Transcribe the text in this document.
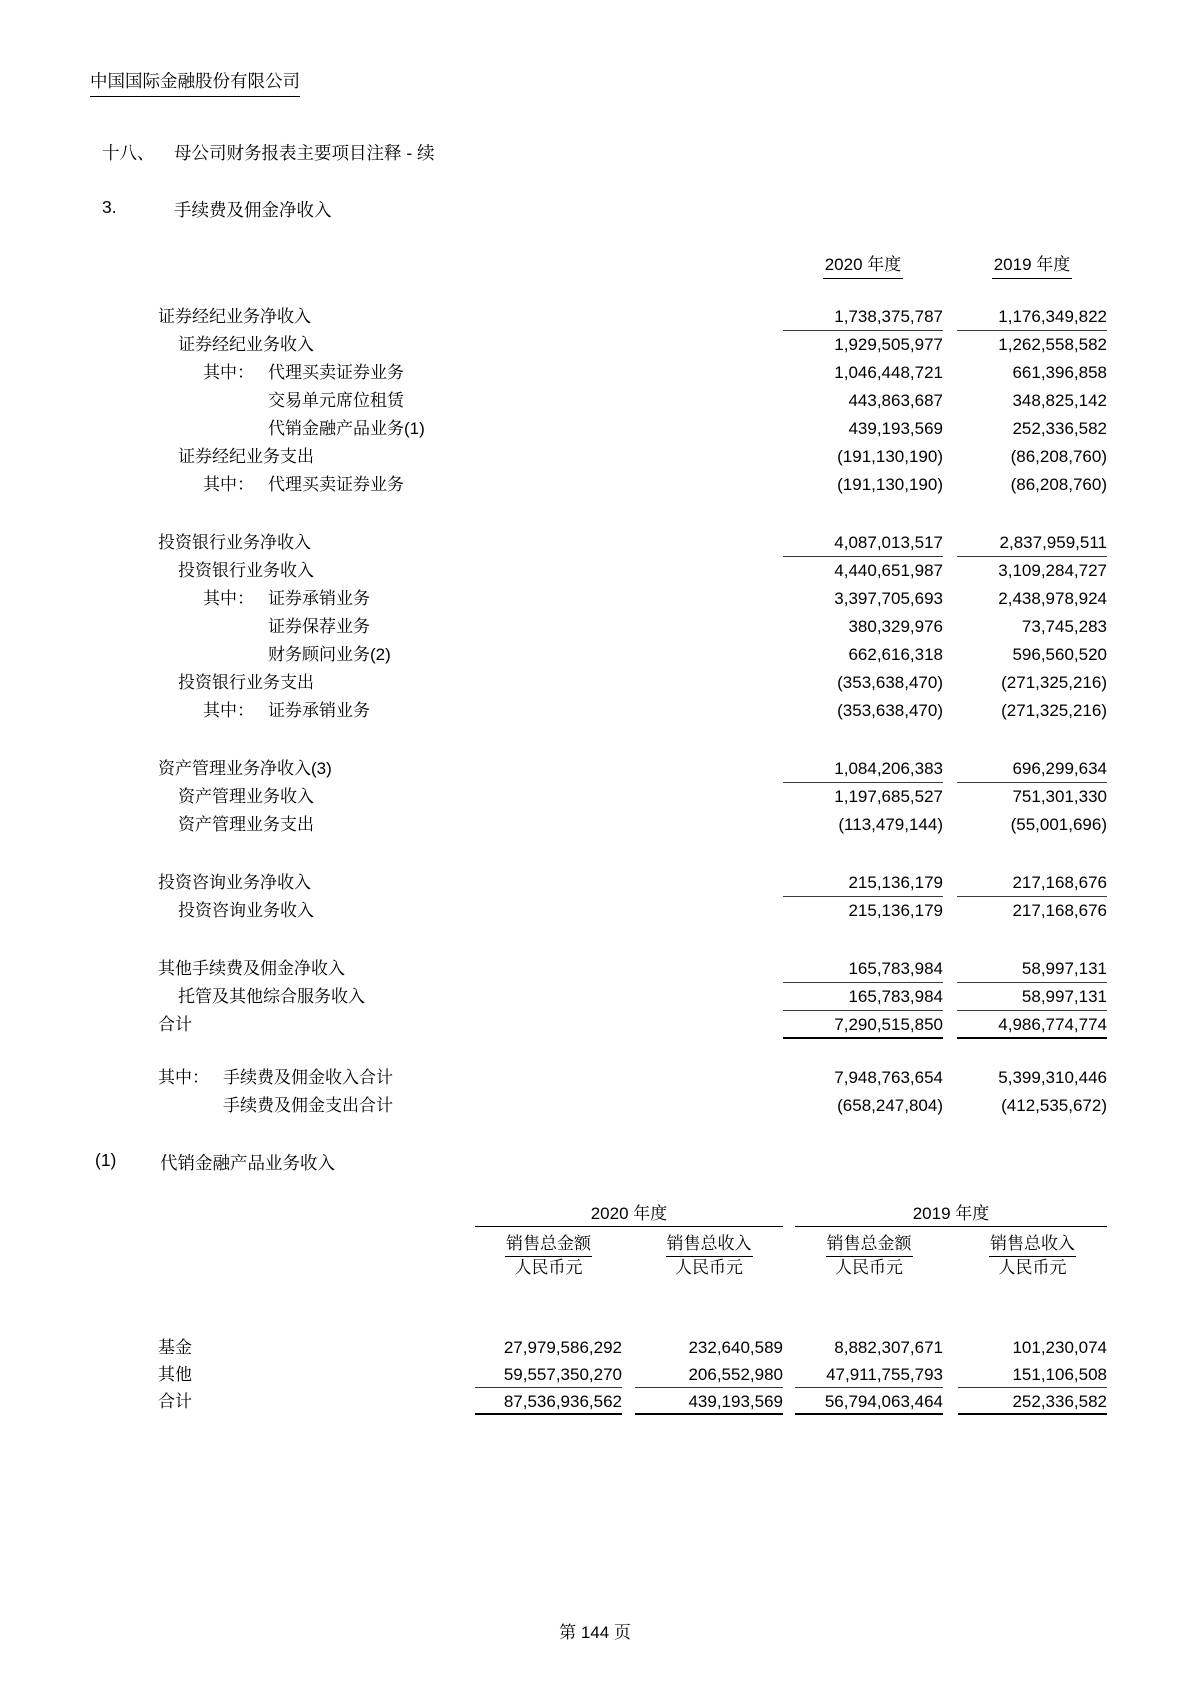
中国国际金融股份有限公司
十八、	母公司财务报表主要项目注释 - 续
3.	手续费及佣金净收入
2020 年度	2019 年度
证券经纪业务净收入	1,738,375,787	1,176,349,822
证券经纪业务收入	1,929,505,977	1,262,558,582
其中： 代理买卖证券业务	1,046,448,721	661,396,858
交易单元席位租赁	443,863,687	348,825,142
代销金融产品业务(1)	439,193,569	252,336,582
证券经纪业务支出	(191,130,190)	(86,208,760)
其中： 代理买卖证券业务	(191,130,190)	(86,208,760)
投资银行业务净收入	4,087,013,517	2,837,959,511
投资银行业务收入	4,440,651,987	3,109,284,727
其中： 证券承销业务	3,397,705,693	2,438,978,924
证券保荐业务	380,329,976	73,745,283
财务顾问业务(2)	662,616,318	596,560,520
投资银行业务支出	(353,638,470)	(271,325,216)
其中： 证券承销业务	(353,638,470)	(271,325,216)
资产管理业务净收入(3)	1,084,206,383	696,299,634
资产管理业务收入	1,197,685,527	751,301,330
资产管理业务支出	(113,479,144)	(55,001,696)
投资咨询业务净收入	215,136,179	217,168,676
投资咨询业务收入	215,136,179	217,168,676
其他手续费及佣金净收入	165,783,984	58,997,131
托管及其他综合服务收入	165,783,984	58,997,131
合计	7,290,515,850	4,986,774,774
其中： 手续费及佣金收入合计	7,948,763,654	5,399,310,446
手续费及佣金支出合计	(658,247,804)	(412,535,672)
(1)	代销金融产品业务收入
2020 年度	2019 年度
销售总金额	销售总收入	销售总金额	销售总收入
人民币元	人民币元	人民币元	人民币元
基金	27,979,586,292	232,640,589	8,882,307,671	101,230,074
其他	59,557,350,270	206,552,980	47,911,755,793	151,106,508
合计	87,536,936,562	439,193,569	56,794,063,464	252,336,582
第 144 页
